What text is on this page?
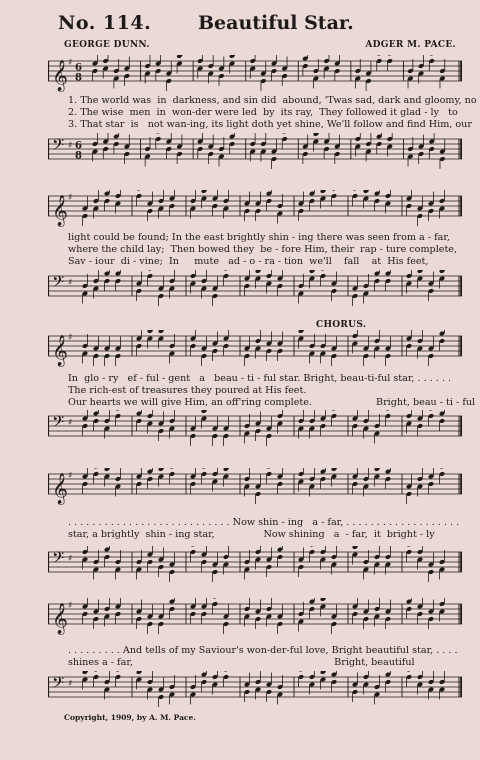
No. 114. Beautiful Star.
GEORGE DUNN.	ADGER M. PACE.
𝄞 ♯ 6
8
1. The world was  in  darkness, and sin did  abound, 'Twas sad, dark and gloomy, no
2. The wise  men  in  won-der were led  by  its ray,  They followed it glad - ly   to
3. That star  is   not wan-ing, its light doth yet shine, We'll follow and find Him, our
𝄢 ♯ 6
8
𝄞 ♯
light could be found; In the east brightly shin - ing there was seen from a - far,
where the child lay;  Then bowed they  be - fore Him, their  rap - ture complete,
Sav - iour  di - vine;  In     mute   ad - o - ra - tion  we'll    fall    at  His feet,
𝄢 ♯
CHORUS.
𝄞 ♯
In  glo - ry   ef - ful - gent   a   beau - ti - ful star. Bright, beau-ti-ful star, . . . . . .
The rich-est of treasures they poured at His feet.
Our hearts we will give Him, an off'ring complete.                     Bright, beau - ti - ful
𝄢 ♯
𝄞 ♯
. . . . . . . . . . . . . . . . . . . . . . . . . . . Now shin - ing   a - far, . . . . . . . . . . . . . . . . . . .
star, a brightly  shin - ing star,                Now shining   a  - far,  it  bright - ly
𝄢 ♯
𝄞 ♯
. . . . . . . . . And tells of my Saviour's won-der-ful love, Bright beautiful star, . . . .
shines a - far,                                                                  Bright, beautiful
𝄢 ♯
Copyright, 1909, by A. M. Pace.
